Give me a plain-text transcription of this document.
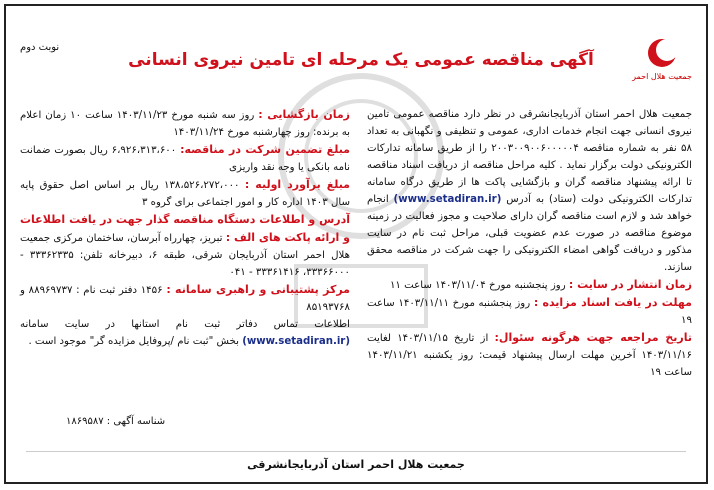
نوبت دوم
جمعیت هلال احمر
آگهی مناقصه عمومی یک مرحله ای تامین نیروی انسانی

جمعیت هلال احمر استان آذربایجانشرقی در نظر دارد مناقصه عمومی تامین نیروی انسانی جهت انجام خدمات اداری، عمومی و تنظیفی و نگهبانی به تعداد ۵۸ نفر به شماره مناقصه ۲۰۰۳۰۰۹۰۰۶۰۰۰۰۰۴ را از طریق سامانه تدارکات الکترونیکی دولت برگزار نماید . کلیه مراحل مناقصه از دریافت اسناد مناقصه تا ارائه پیشنهاد مناقصه گران و بازگشایی پاکت ها از طریق درگاه سامانه تدارکات الکترونیکی دولت (ستاد) به آدرس (www.setadiran.ir) انجام خواهد شد و لازم است مناقصه گران دارای صلاحیت و مجوز فعالیت در زمینه موضوع مناقصه در صورت عدم عضویت قبلی، مراحل ثبت نام در سایت مذکور و دریافت گواهی امضاء الکترونیکی را جهت شرکت در مناقصه محقق سازند.

زمان انتشار در سایت : روز پنجشنبه مورخ ۱۴۰۳/۱۱/۰۴ ساعت ۱۱

مهلت در یافت اسناد مزایده : روز پنجشنبه مورخ ۱۴۰۳/۱۱/۱۱ ساعت ۱۹

تاریخ مراجعه جهت هرگونه سئوال: از تاریخ ۱۴۰۳/۱۱/۱۵ لغایت ۱۴۰۳/۱۱/۱۶ آخرین مهلت ارسال پیشنهاد قیمت: روز یکشنبه ۱۴۰۳/۱۱/۲۱ ساعت ۱۹

زمان بازگشایی : روز سه شنبه مورخ ۱۴۰۳/۱۱/۲۳ ساعت ۱۰ زمان اعلام به برنده: روز چهارشنبه مورخ ۱۴۰۳/۱۱/۲۴

مبلغ تضمین شرکت در مناقصه: ۶،۹۲۶،۳۱۳،۶۰۰ ریال بصورت ضمانت نامه بانکی یا وجه نقد واریزی

مبلغ برآورد اولیه : ۱۳۸،۵۲۶،۲۷۲،۰۰۰ ریال بر اساس اصل حقوق پایه سال ۱۴۰۳ اداره کار و امور اجتماعی برای گروه ۳

آدرس و اطلاعات دستگاه مناقصه گذار جهت در یافت اطلاعات و ارائه پاکت های الف : تبریز، چهارراه آبرسان، ساختمان مرکزی جمعیت هلال احمر استان آذربایجان شرقی، طبقه ۶، دبیرخانه تلفن: ۳۳۳۶۲۳۳۵ - ۳۳۳۶۶۰۰۰، ۳۳۳۶۱۴۱۶ - ۰۴۱

مرکز پشتیبانی و راهبری سامانه : ۱۴۵۶ دفتر ثبت نام : ۸۸۹۶۹۷۳۷ و ۸۵۱۹۳۷۶۸

اطلاعات تماس دفاتر ثبت نام استانها در سایت سامانه (www.setadiran.ir) بخش "ثبت نام /پروفایل مزایده گر" موجود است .

شناسه آگهی : ۱۸۶۹۵۸۷
جمعیت هلال احمر استان آذربایجانشرقی
